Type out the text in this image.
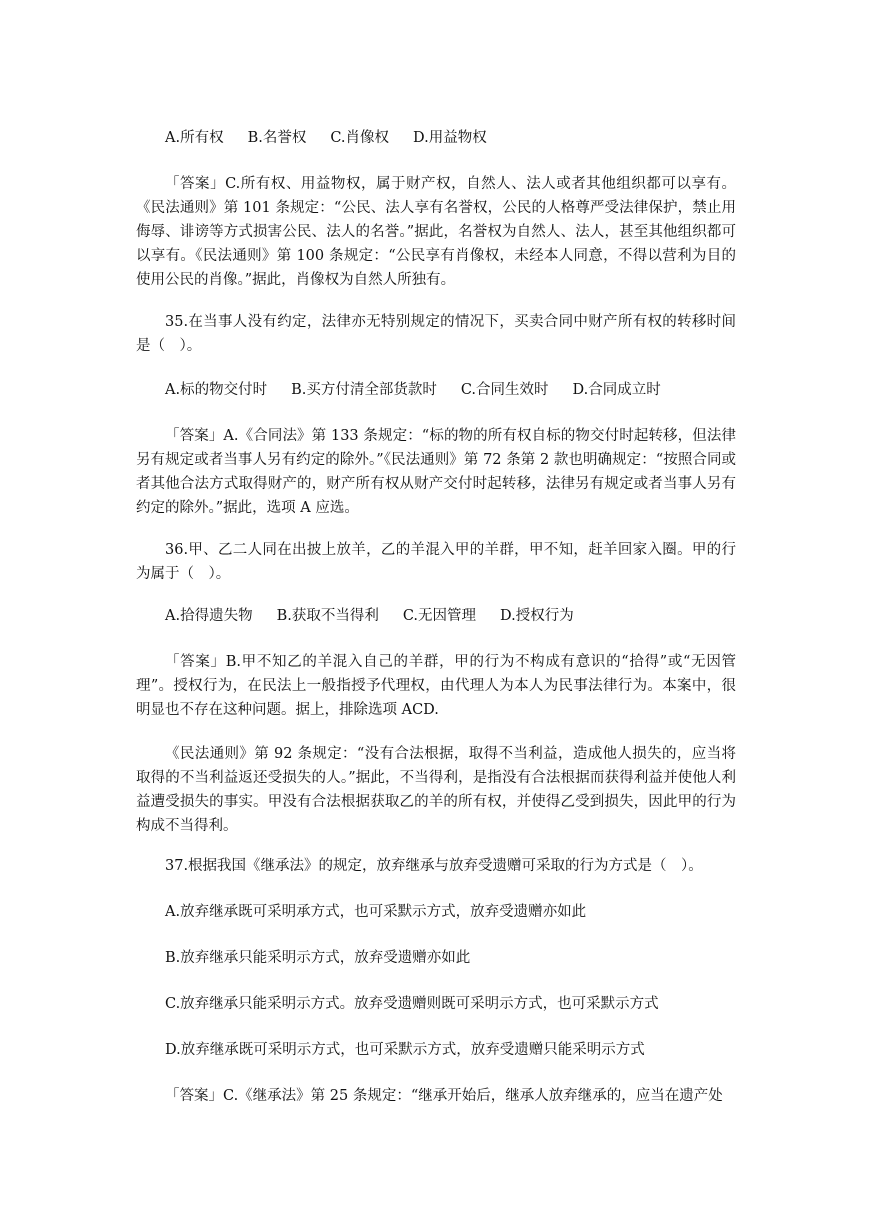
A.所有权 B.名誉权 C.肖像权 D.用益物权

「答案」C.所有权、用益物权，属于财产权，自然人、法人或者其他组织都可以享有。《民法通则》第 101 条规定：“公民、法人享有名誉权，公民的人格尊严受法律保护，禁止用侮辱、诽谤等方式损害公民、法人的名誉。”据此，名誉权为自然人、法人，甚至其他组织都可以享有。《民法通则》第 100 条规定：“公民享有肖像权，未经本人同意，不得以营利为目的使用公民的肖像。”据此，肖像权为自然人所独有。

35.在当事人没有约定，法律亦无特别规定的情况下，买卖合同中财产所有权的转移时间是（　）。

A.标的物交付时 B.买方付清全部货款时 C.合同生效时 D.合同成立时

「答案」A.《合同法》第 133 条规定：“标的物的所有权自标的物交付时起转移，但法律另有规定或者当事人另有约定的除外。”《民法通则》第 72 条第 2 款也明确规定：“按照合同或者其他合法方式取得财产的，财产所有权从财产交付时起转移，法律另有规定或者当事人另有约定的除外。”据此，选项 A 应选。

36.甲、乙二人同在出披上放羊，乙的羊混入甲的羊群，甲不知，赶羊回家入圈。甲的行为属于（　）。

A.拾得遗失物 B.获取不当得利 C.无因管理 D.授权行为

「答案」B.甲不知乙的羊混入自己的羊群，甲的行为不构成有意识的“拾得”或“无因管理”。授权行为，在民法上一般指授予代理权，由代理人为本人为民事法律行为。本案中，很明显也不存在这种问题。据上，排除选项 ACD.

《民法通则》第 92 条规定：“没有合法根据，取得不当利益，造成他人损失的，应当将取得的不当利益返还受损失的人。”据此，不当得利，是指没有合法根据而获得利益并使他人利益遭受损失的事实。甲没有合法根据获取乙的羊的所有权，并使得乙受到损失，因此甲的行为构成不当得利。

37.根据我国《继承法》的规定，放弃继承与放弃受遗赠可采取的行为方式是（　）。

A.放弃继承既可采明承方式，也可采默示方式，放弃受遗赠亦如此

B.放弃继承只能采明示方式，放弃受遗赠亦如此

C.放弃继承只能采明示方式。放弃受遗赠则既可采明示方式，也可采默示方式

D.放弃继承既可采明示方式，也可采默示方式，放弃受遗赠只能采明示方式

「答案」C.《继承法》第 25 条规定：“继承开始后，继承人放弃继承的，应当在遗产处
